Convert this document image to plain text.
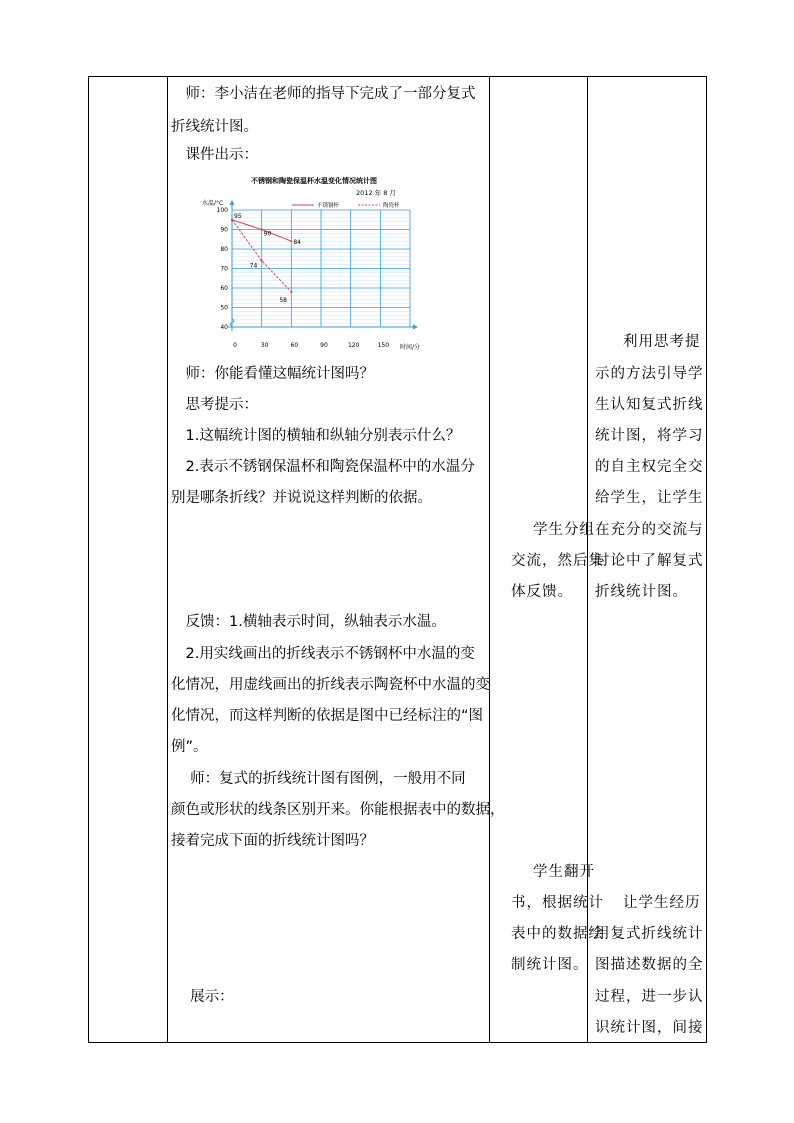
　师：李小洁在老师的指导下完成了一部分复式
折线统计图。
　课件出示：
　师：你能看懂这幅统计图吗？
　思考提示：
　1.这幅统计图的横轴和纵轴分别表示什么？
　2.表示不锈钢保温杯和陶瓷保温杯中的水温分
别是哪条折线？并说说这样判断的依据。
　反馈：1.横轴表示时间，纵轴表示水温。
　2.用实线画出的折线表示不锈钢杯中水温的变
化情况，用虚线画出的折线表示陶瓷杯中水温的变
化情况，而这样判断的依据是图中已经标注的“图
例”。
　 师：复式的折线统计图有图例，一般用不同
颜色或形状的线条区别开来。你能根据表中的数据，
接着完成下面的折线统计图吗？
　 展示：
学生分组
交流，然后集
体反馈。
学生翻开
书，根据统计
表中的数据绘
制统计图。
利用思考提
示的方法引导学
生认知复式折线
统计图，将学习
的自主权完全交
给学生，让学生
在充分的交流与
讨论中了解复式
折线统计图。
让学生经历
用复式折线统计
图描述数据的全
过程，进一步认
识统计图，间接
不锈钢和陶瓷保温杯水温变化情况统计图
2012 年 8 月
水温/°C	不锈钢杯	陶瓷杯
40
50
60
70
80
90
100
0	30	60	90	120	150
95
90
84
74
58
时间/分
